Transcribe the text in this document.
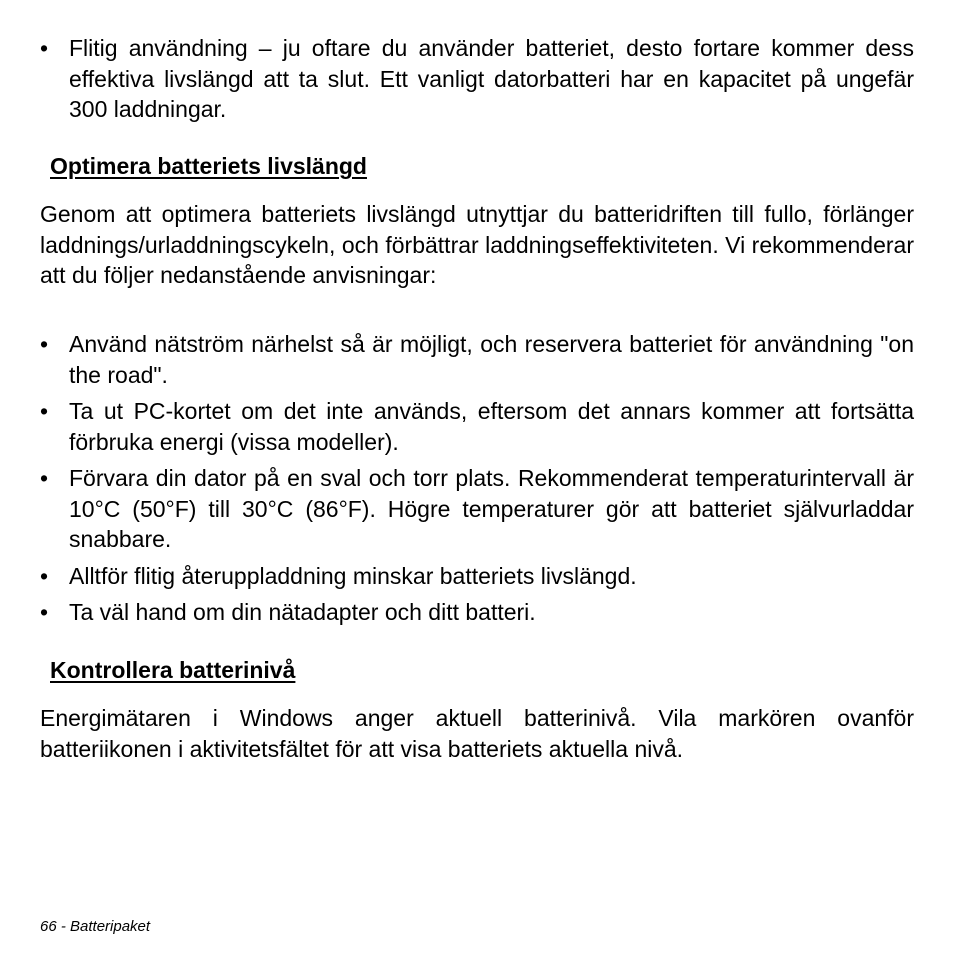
• Flitig användning – ju oftare du använder batteriet, desto fortare kommer dess effektiva livslängd att ta slut. Ett vanligt datorbatteri har en kapacitet på ungefär 300 laddningar.

Optimera batteriets livslängd

Genom att optimera batteriets livslängd utnyttjar du batteridriften till fullo, förlänger laddnings/urladdningscykeln, och förbättrar laddningseffektiviteten. Vi rekommenderar att du följer nedanstående anvisningar:

• Använd nätström närhelst så är möjligt, och reservera batteriet för användning "on the road".

• Ta ut PC-kortet om det inte används, eftersom det annars kommer att fortsätta förbruka energi (vissa modeller).

• Förvara din dator på en sval och torr plats. Rekommenderat temperaturintervall är 10°C (50°F) till 30°C (86°F). Högre temperaturer gör att batteriet självurladdar snabbare.

• Alltför flitig återuppladdning minskar batteriets livslängd.

• Ta väl hand om din nätadapter och ditt batteri.

Kontrollera batterinivå

Energimätaren i Windows anger aktuell batterinivå. Vila markören ovanför batteriikonen i aktivitetsfältet för att visa batteriets aktuella nivå.

66 - Batteripaket
